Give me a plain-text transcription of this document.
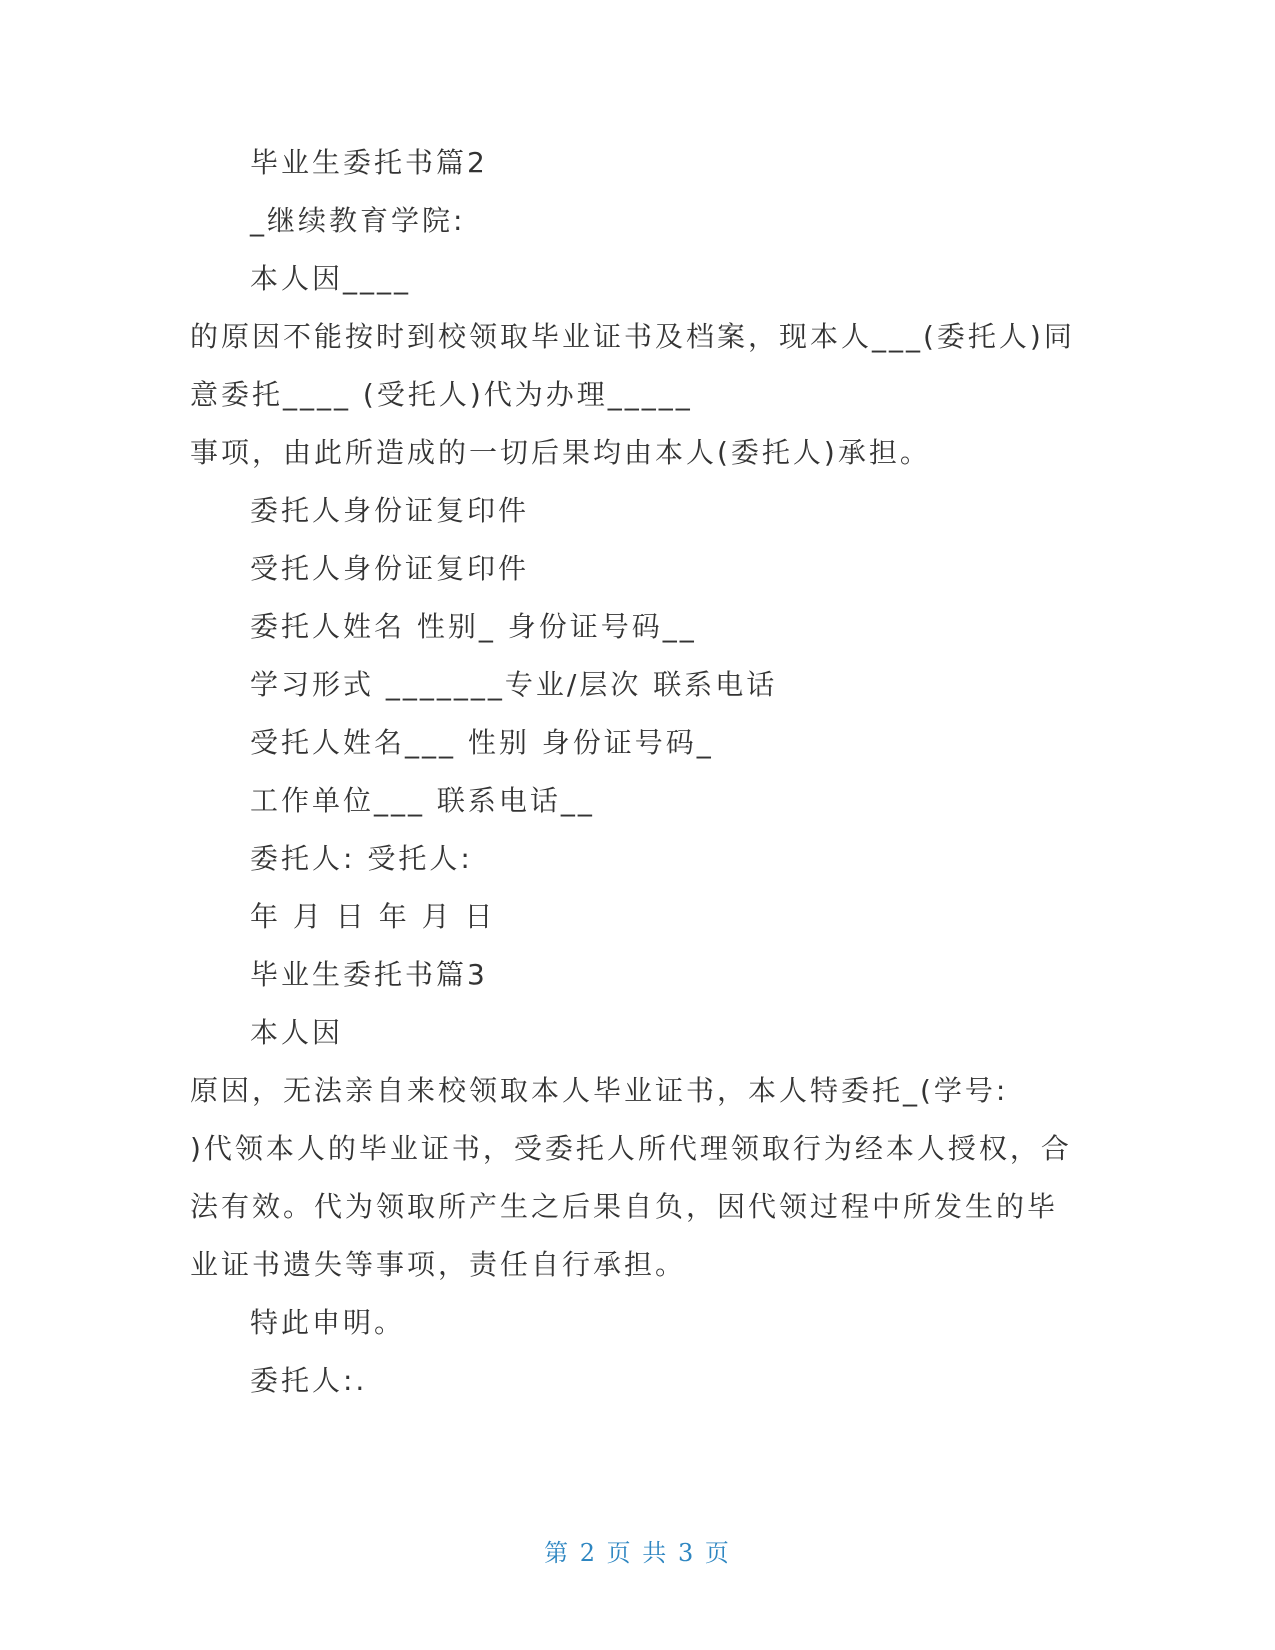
毕业生委托书篇2
_继续教育学院:
本人因____
的原因不能按时到校领取毕业证书及档案，现本人___(委托人)同
意委托____ (受托人)代为办理_____
事项，由此所造成的一切后果均由本人(委托人)承担。
委托人身份证复印件
受托人身份证复印件
委托人姓名 性别_ 身份证号码__
学习形式 _______专业/层次 联系电话
受托人姓名___ 性别 身份证号码_
工作单位___ 联系电话__
委托人: 受托人:
年 月 日 年 月 日
毕业生委托书篇3
本人因
原因，无法亲自来校领取本人毕业证书，本人特委托_(学号:
)代领本人的毕业证书，受委托人所代理领取行为经本人授权，合
法有效。代为领取所产生之后果自负，因代领过程中所发生的毕
业证书遗失等事项，责任自行承担。
特此申明。
委托人:.
第 2 页 共 3 页
